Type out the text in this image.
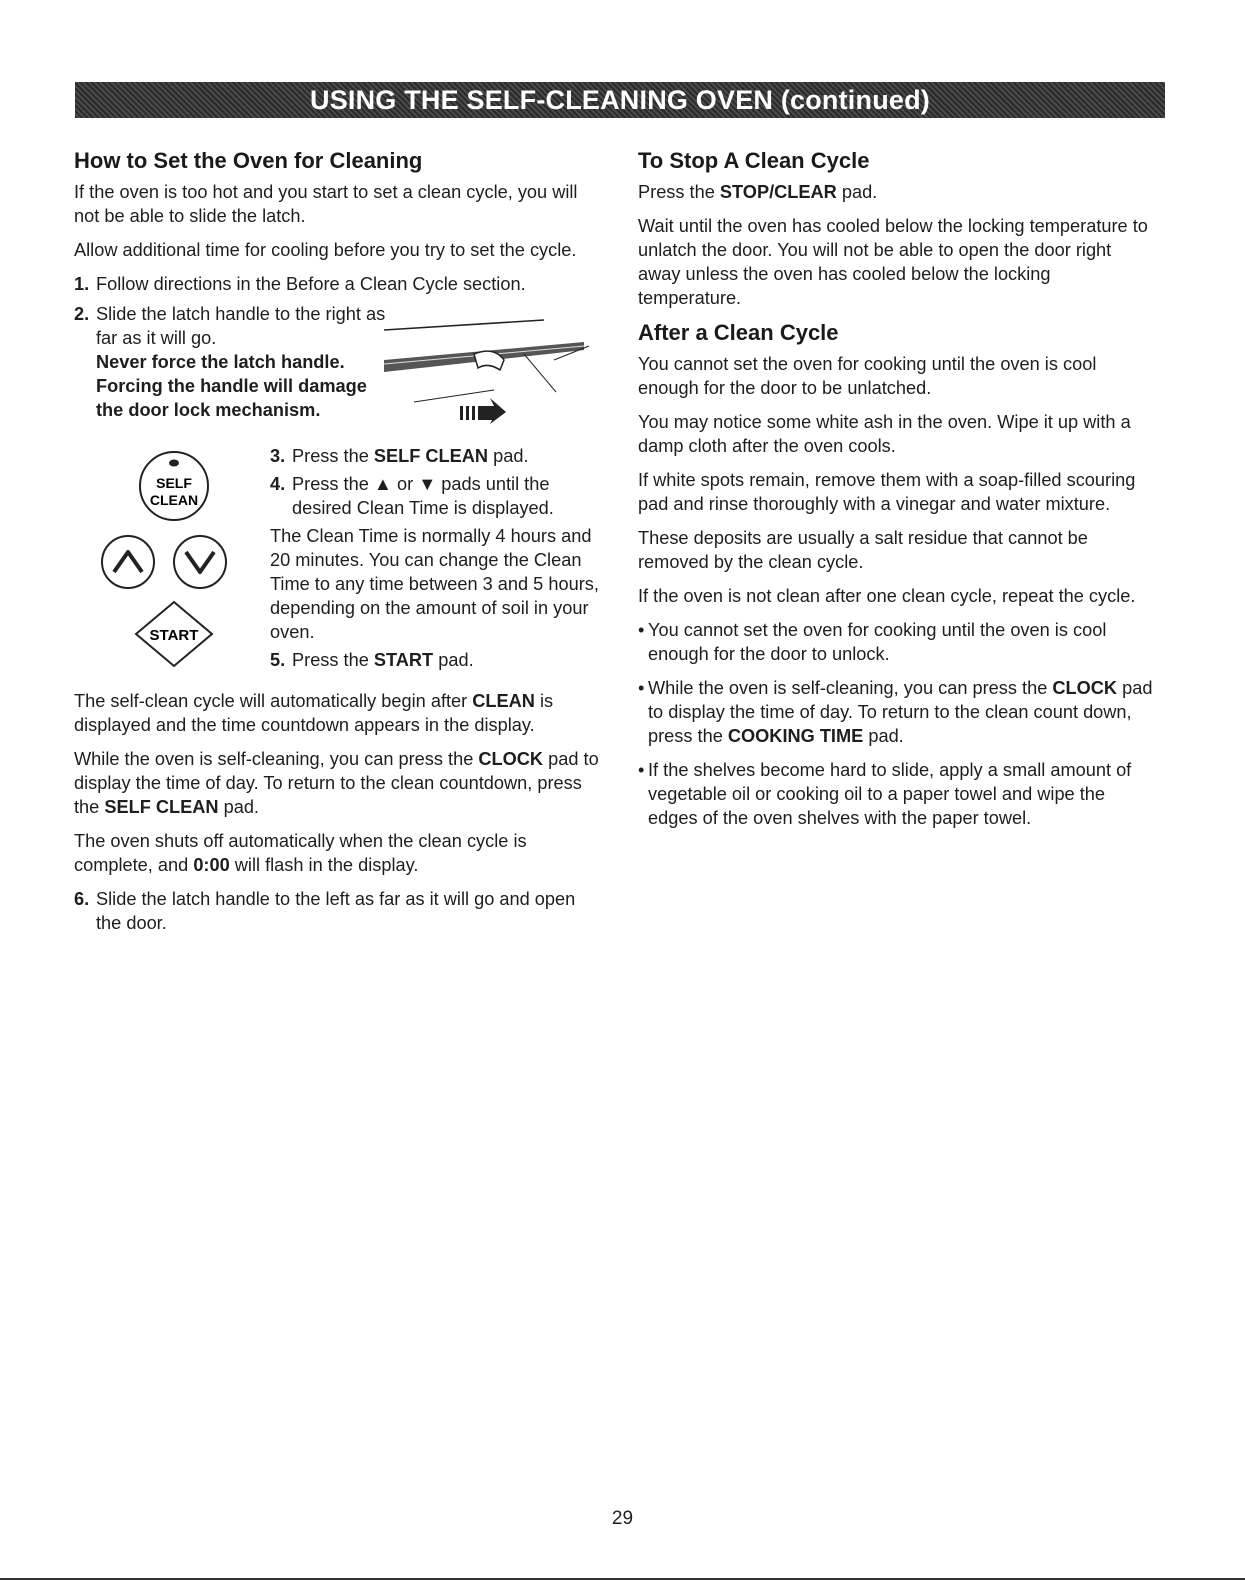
USING THE SELF-CLEANING OVEN (continued)
How to Set the Oven for Cleaning

If the oven is too hot and you start to set a clean cycle, you will not be able to slide the latch.

Allow additional time for cooling before you try to set the cycle.

1. Follow directions in the Before a Clean Cycle section.
2. Slide the latch handle to the right as far as it will go.
Never force the latch handle. Forcing the handle will damage the door lock mechanism.
SELF
CLEAN
START
3. Press the SELF CLEAN pad.
4. Press the ▲ or ▼ pads until the desired Clean Time is displayed.

The Clean Time is normally 4 hours and 20 minutes. You can change the Clean Time to any time between 3 and 5 hours, depending on the amount of soil in your oven.

5. Press the START pad.

The self-clean cycle will automatically begin after CLEAN is displayed and the time countdown appears in the display.

While the oven is self-cleaning, you can press the CLOCK pad to display the time of day. To return to the clean countdown, press the SELF CLEAN pad.

The oven shuts off automatically when the clean cycle is complete, and 0:00 will flash in the display.

6. Slide the latch handle to the left as far as it will go and open the door.
To Stop A Clean Cycle

Press the STOP/CLEAR pad.

Wait until the oven has cooled below the locking temperature to unlatch the door. You will not be able to open the door right away unless the oven has cooled below the locking temperature.

After a Clean Cycle

You cannot set the oven for cooking until the oven is cool enough for the door to be unlatched.

You may notice some white ash in the oven. Wipe it up with a damp cloth after the oven cools.

If white spots remain, remove them with a soap-filled scouring pad and rinse thoroughly with a vinegar and water mixture.

These deposits are usually a salt residue that cannot be removed by the clean cycle.

If the oven is not clean after one clean cycle, repeat the cycle.

• You cannot set the oven for cooking until the oven is cool enough for the door to unlock.
• While the oven is self-cleaning, you can press the CLOCK pad to display the time of day. To return to the clean count down, press the COOKING TIME pad.
• If the shelves become hard to slide, apply a small amount of vegetable oil or cooking oil to a paper towel and wipe the edges of the oven shelves with the paper towel.
29
